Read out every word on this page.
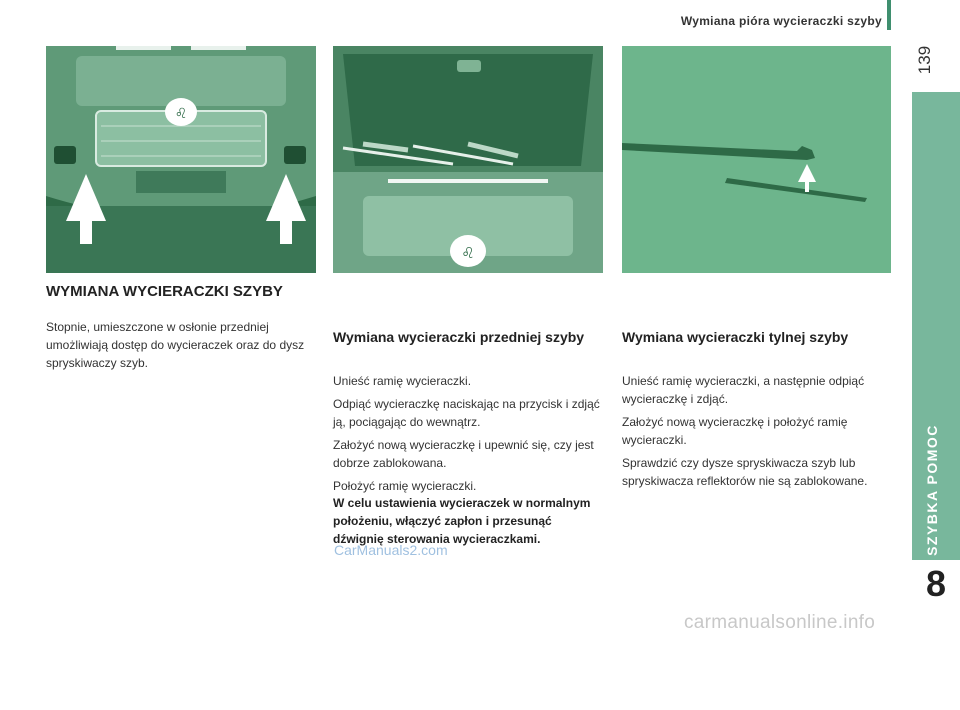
Wymiana pióra wycieraczki szyby
139
SZYBKA POMOC
8
♌
♌
WYMIANA WYCIERACZKI SZYBY

Stopnie, umieszczone w osłonie przedniej umożliwiają dostęp do wycieraczek oraz do dysz spryskiwaczy szyb.

Wymiana wycieraczki przedniej szyby

Unieść ramię wycieraczki.

Odpiąć wycieraczkę naciskając na przycisk i zdjąć ją, pociągając do wewnątrz.

Założyć nową wycieraczkę i upewnić się, czy jest dobrze zablokowana.

Położyć ramię wycieraczki.

W celu ustawienia wycieraczek w normalnym położeniu, włączyć zapłon i przesunąć dźwignię sterowania wycieraczkami.
Wymiana wycieraczki tylnej szyby

Unieść ramię wycieraczki, a następnie odpiąć wycieraczkę i zdjąć.

Założyć nową wycieraczkę i położyć ramię wycieraczki.

Sprawdzić czy dysze spryskiwacza szyb lub spryskiwacza reflektorów nie są zablokowane.

CarManuals2.com
carmanualsonline.info
